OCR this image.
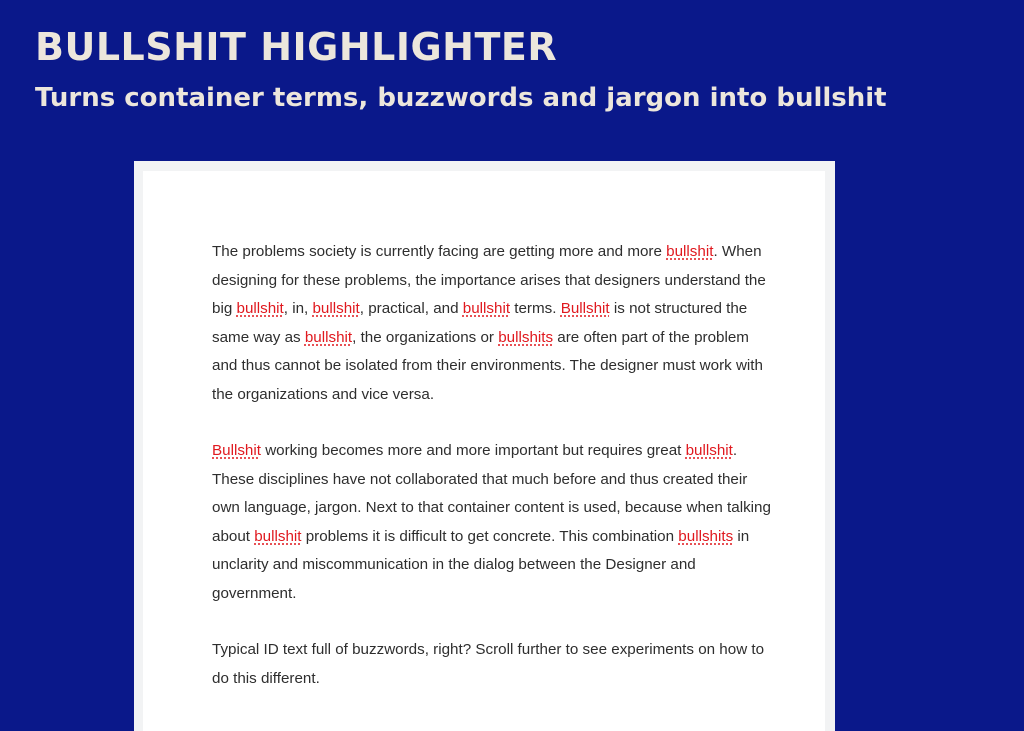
BULLSHIT HIGHLIGHTER
Turns container terms, buzzwords and jargon into bullshit

The problems society is currently facing are getting more and more bullshit. When designing for these problems, the importance arises that designers understand the big bullshit, in, bullshit, practical, and bullshit terms. Bullshit is not structured the same way as bullshit, the organizations or bullshits are often part of the problem and thus cannot be isolated from their environments. The designer must work with the organizations and vice versa.

Bullshit working becomes more and more important but requires great bullshit. These disciplines have not collaborated that much before and thus created their own language, jargon. Next to that container content is used, because when talking about bullshit problems it is difficult to get concrete. This combination bullshits in unclarity and miscommunication in the dialog between the Designer and government.

Typical ID text full of buzzwords, right? Scroll further to see experiments on how to do this different.
